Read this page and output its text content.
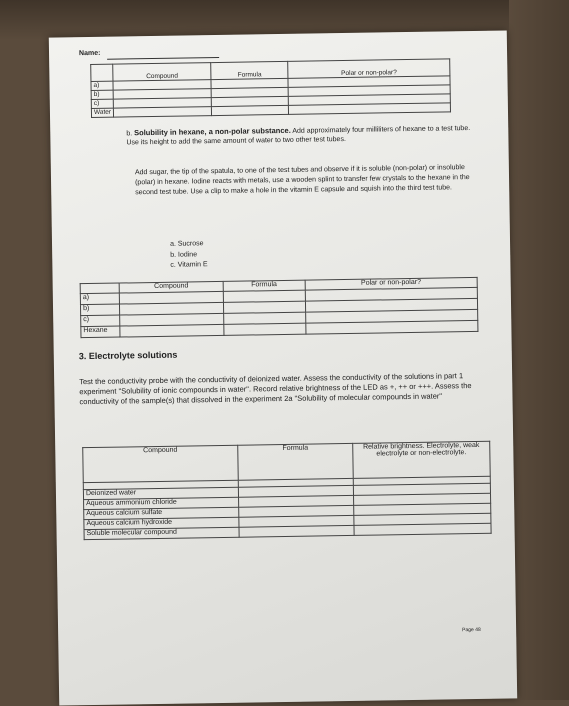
Name:
	Compound	Formula	Polar or non-polar?
a)			
b)			
c)			
Water			
b. Solubility in hexane, a non-polar substance. Add approximately four milliliters of hexane to a test tube. Use its height to add the same amount of water to two other test tubes.
Add sugar, the tip of the spatula, to one of the test tubes and observe if it is soluble (non-polar) or insoluble (polar) in hexane. Iodine reacts with metals, use a wooden splint to transfer few crystals to the hexane in the second test tube. Use a clip to make a hole in the vitamin E capsule and squish into the third test tube.
a. Sucrose
b. Iodine
c. Vitamin E
	Compound	Formula	Polar or non-polar?
a)			
b)			
c)			
Hexane			
3. Electrolyte solutions
Test the conductivity probe with the conductivity of deionized water. Assess the conductivity of the solutions in part 1 experiment "Solubility of ionic compounds in water". Record relative brightness of the LED as +, ++ or +++. Assess the conductivity of the sample(s) that dissolved in the experiment 2a "Solubility of molecular compounds in water"
Compound	Formula	Relative brightness. Electrolyte, weak electrolyte or non-electrolyte.

Deionized water		
Aqueous ammonium chloride		
Aqueous calcium sulfate		
Aqueous calcium hydroxide		
Soluble molecular compound		
Page 48
